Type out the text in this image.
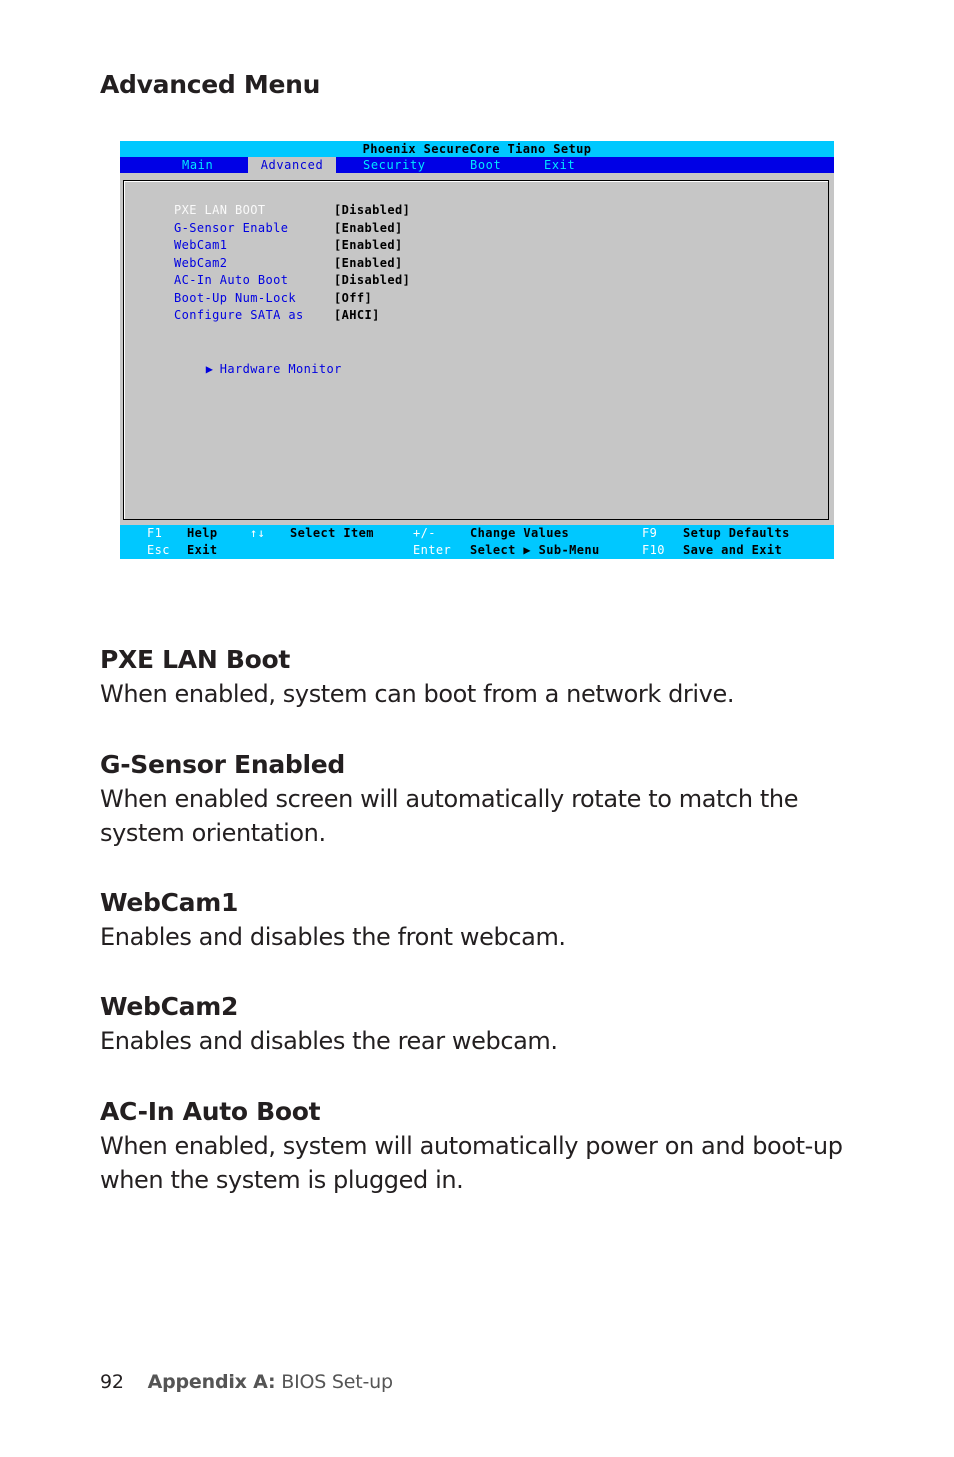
Advanced Menu
Phoenix SecureCore Tiano Setup
Main	Advanced	Security	Boot	Exit
PXE LAN BOOT	[Disabled]
G-Sensor Enable	[Enabled]
WebCam1	[Enabled]
WebCam2	[Enabled]
AC-In Auto Boot	[Disabled]
Boot-Up Num-Lock	[Off]
Configure SATA as	[AHCI]

▶ Hardware Monitor

F1 Help
Esc Exit
↑↓ Select Item	+/-	Change Values
Enter Select ▶ Sub-Menu
F9 Setup Defaults
F10 Save and Exit
PXE LAN Boot

When enabled, system can boot from a network drive.

G-Sensor Enabled

When enabled screen will automatically rotate to match the system orientation.

WebCam1

Enables and disables the front webcam.

WebCam2

Enables and disables the rear webcam.

AC-In Auto Boot

When enabled, system will automatically power on and boot-up when the system is plugged in.

92 Appendix A: BIOS Set-up
